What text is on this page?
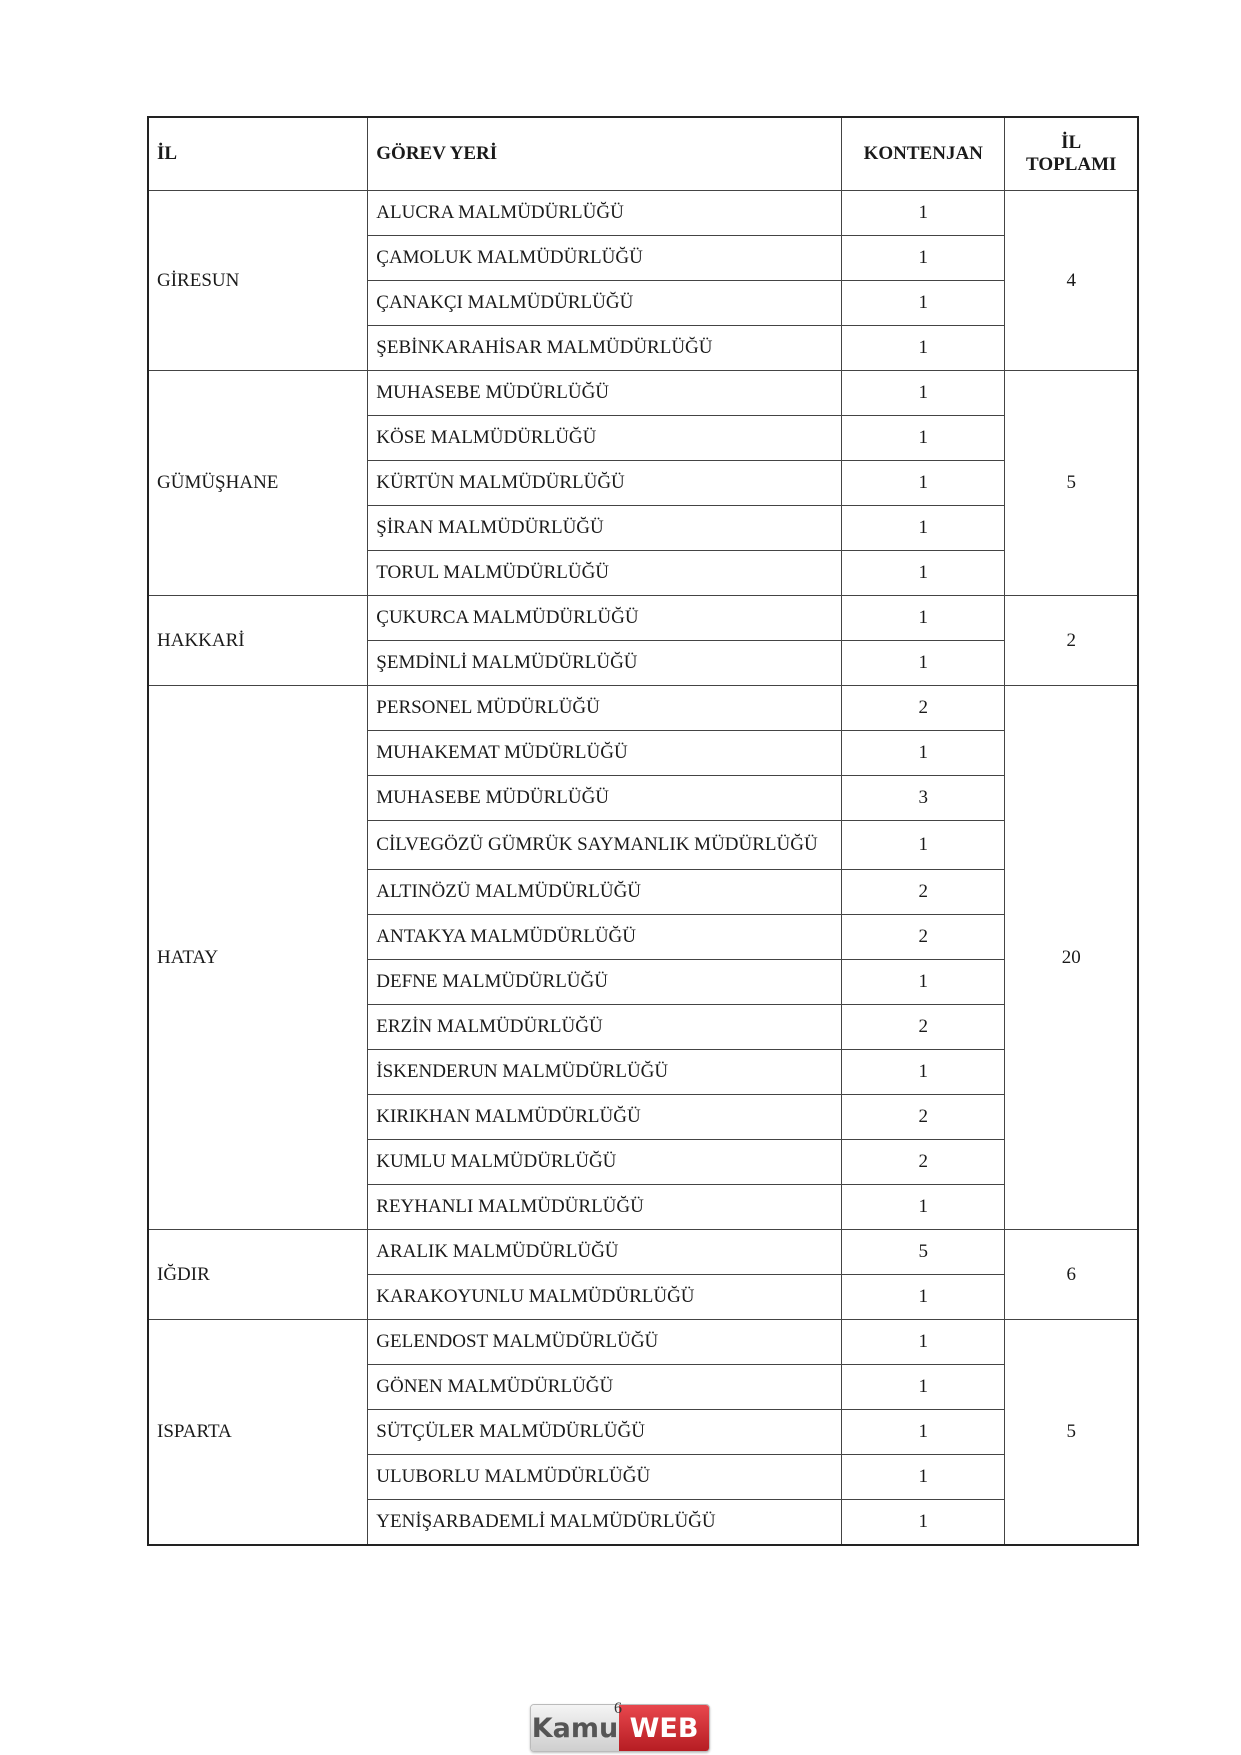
İL	GÖREV YERİ	KONTENJAN	İL
TOPLAMI
GİRESUN	ALUCRA MALMÜDÜRLÜĞÜ	1	4
	ÇAMOLUK MALMÜDÜRLÜĞÜ	1	
	ÇANAKÇI MALMÜDÜRLÜĞÜ	1	
	ŞEBİNKARAHİSAR MALMÜDÜRLÜĞÜ	1	
GÜMÜŞHANE	MUHASEBE MÜDÜRLÜĞÜ	1	5
	KÖSE MALMÜDÜRLÜĞÜ	1	
	KÜRTÜN MALMÜDÜRLÜĞÜ	1	
	ŞİRAN MALMÜDÜRLÜĞÜ	1	
	TORUL MALMÜDÜRLÜĞÜ	1	
HAKKARİ	ÇUKURCA MALMÜDÜRLÜĞÜ	1	2
	ŞEMDİNLİ MALMÜDÜRLÜĞÜ	1	
HATAY	PERSONEL MÜDÜRLÜĞÜ	2	20
	MUHAKEMAT MÜDÜRLÜĞÜ	1	
	MUHASEBE MÜDÜRLÜĞÜ	3	
	CİLVEGÖZÜ GÜMRÜK SAYMANLIK MÜDÜRLÜĞÜ	1	
	ALTINÖZÜ MALMÜDÜRLÜĞÜ	2	
	ANTAKYA MALMÜDÜRLÜĞÜ	2	
	DEFNE MALMÜDÜRLÜĞÜ	1	
	ERZİN MALMÜDÜRLÜĞÜ	2	
	İSKENDERUN MALMÜDÜRLÜĞÜ	1	
	KIRIKHAN MALMÜDÜRLÜĞÜ	2	
	KUMLU MALMÜDÜRLÜĞÜ	2	
	REYHANLI MALMÜDÜRLÜĞÜ	1	
IĞDIR	ARALIK MALMÜDÜRLÜĞÜ	5	6
	KARAKOYUNLU MALMÜDÜRLÜĞÜ	1	
ISPARTA	GELENDOST MALMÜDÜRLÜĞÜ	1	5
	GÖNEN MALMÜDÜRLÜĞÜ	1	
	SÜTÇÜLER MALMÜDÜRLÜĞÜ	1	
	ULUBORLU MALMÜDÜRLÜĞÜ	1	
	YENİŞARBADEMLİ MALMÜDÜRLÜĞÜ	1	
Kamu WEB
6
